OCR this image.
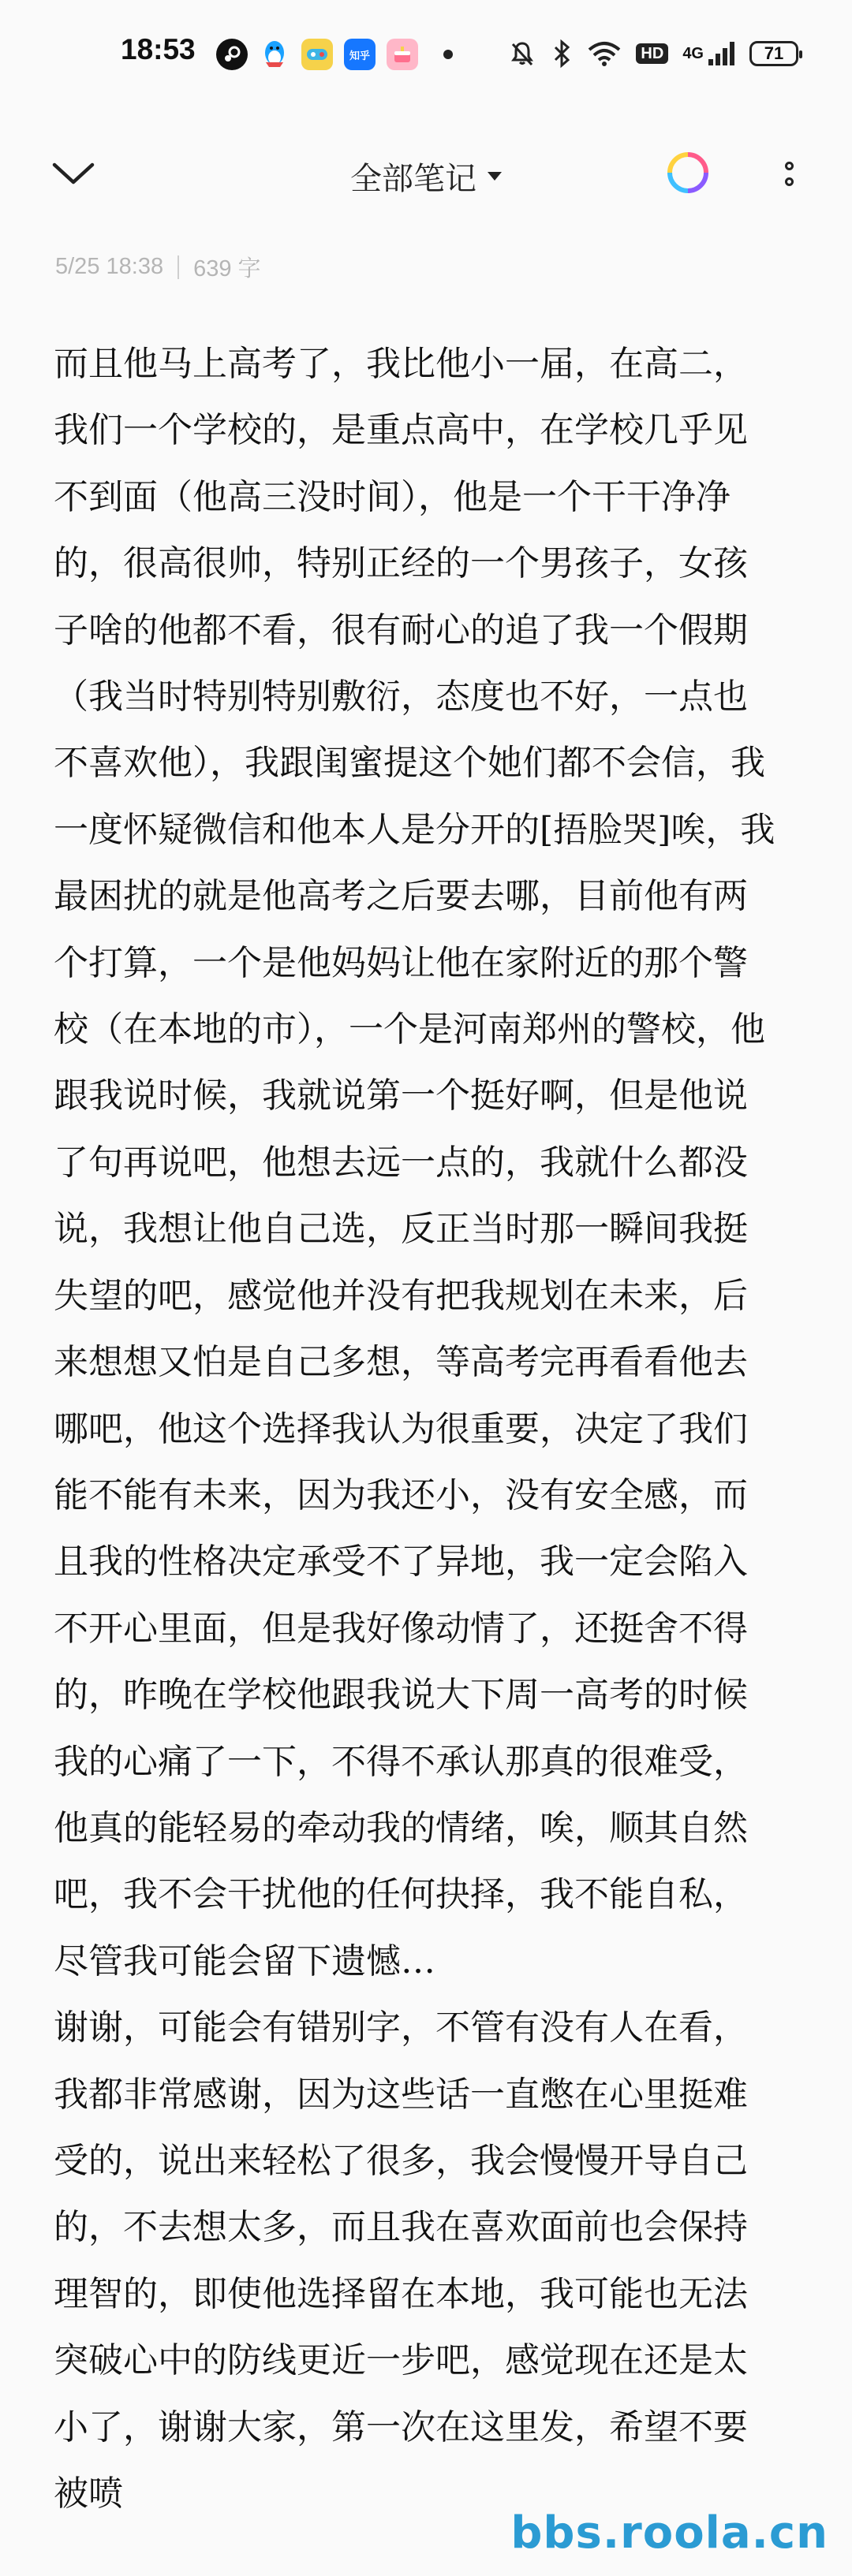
18:53	知乎	HD 4G	71
全部笔记
5/25 18:38 639 字

而且他马上高考了，我比他小一届，在高二，我们一个学校的，是重点高中，在学校几乎见不到面（他高三没时间），他是一个干干净净的，很高很帅，特别正经的一个男孩子，女孩子啥的他都不看，很有耐心的追了我一个假期（我当时特别特别敷衍，态度也不好，一点也不喜欢他），我跟闺蜜提这个她们都不会信，我一度怀疑微信和他本人是分开的[捂脸哭]唉，我最困扰的就是他高考之后要去哪，目前他有两个打算，一个是他妈妈让他在家附近的那个警校（在本地的市），一个是河南郑州的警校，他跟我说时候，我就说第一个挺好啊，但是他说了句再说吧，他想去远一点的，我就什么都没说，我想让他自己选，反正当时那一瞬间我挺失望的吧，感觉他并没有把我规划在未来，后来想想又怕是自己多想，等高考完再看看他去哪吧，他这个选择我认为很重要，决定了我们能不能有未来，因为我还小，没有安全感，而且我的性格决定承受不了异地，我一定会陷入不开心里面，但是我好像动情了，还挺舍不得的，昨晚在学校他跟我说大下周一高考的时候我的心痛了一下，不得不承认那真的很难受，他真的能轻易的牵动我的情绪，唉，顺其自然吧，我不会干扰他的任何抉择，我不能自私，尽管我可能会留下遗憾…

谢谢，可能会有错别字，不管有没有人在看，我都非常感谢，因为这些话一直憋在心里挺难受的，说出来轻松了很多，我会慢慢开导自己的，不去想太多，而且我在喜欢面前也会保持理智的，即使他选择留在本地，我可能也无法突破心中的防线更近一步吧，感觉现在还是太小了，谢谢大家，第一次在这里发，希望不要被喷

bbs.roola.cn
